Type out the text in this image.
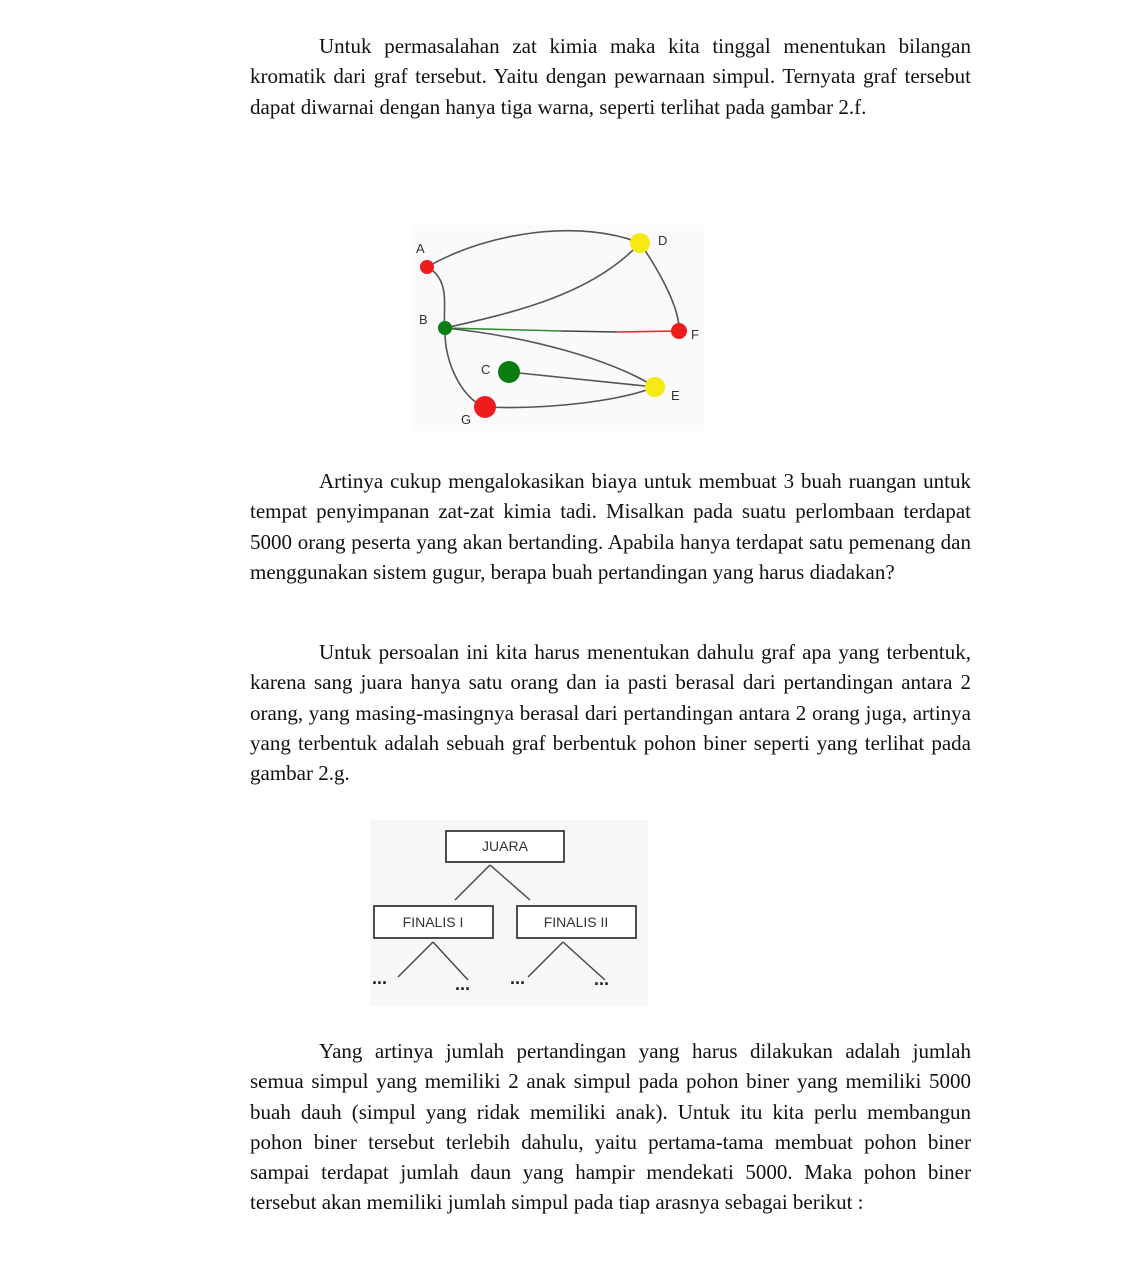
Untuk permasalahan zat kimia maka kita tinggal menentukan bilangan kromatik dari graf tersebut. Yaitu dengan pewarnaan simpul. Ternyata graf tersebut dapat diwarnai dengan hanya tiga warna, seperti terlihat pada gambar 2.f.

A
B
C
D
E
F
G

Artinya cukup mengalokasikan biaya untuk membuat 3 buah ruangan untuk tempat penyimpanan zat-zat kimia tadi. Misalkan pada suatu perlombaan terdapat 5000 orang peserta yang akan bertanding. Apabila hanya terdapat satu pemenang dan menggunakan sistem gugur, berapa buah pertandingan yang harus diadakan?

Untuk persoalan ini kita harus menentukan dahulu graf apa yang terbentuk, karena sang juara hanya satu orang dan ia pasti berasal dari pertandingan antara 2 orang, yang masing-masingnya berasal dari pertandingan antara 2 orang juga, artinya yang terbentuk adalah sebuah graf berbentuk pohon biner seperti yang terlihat pada gambar 2.g.

JUARA
FINALIS I	FINALIS II
...	... ...	...

Yang artinya jumlah pertandingan yang harus dilakukan adalah jumlah semua simpul yang memiliki 2 anak simpul pada pohon biner yang memiliki 5000 buah dauh (simpul yang ridak memiliki anak). Untuk itu kita perlu membangun pohon biner tersebut terlebih dahulu, yaitu pertama-tama membuat pohon biner sampai terdapat jumlah daun yang hampir mendekati 5000. Maka pohon biner tersebut akan memiliki jumlah simpul pada tiap arasnya sebagai berikut :
